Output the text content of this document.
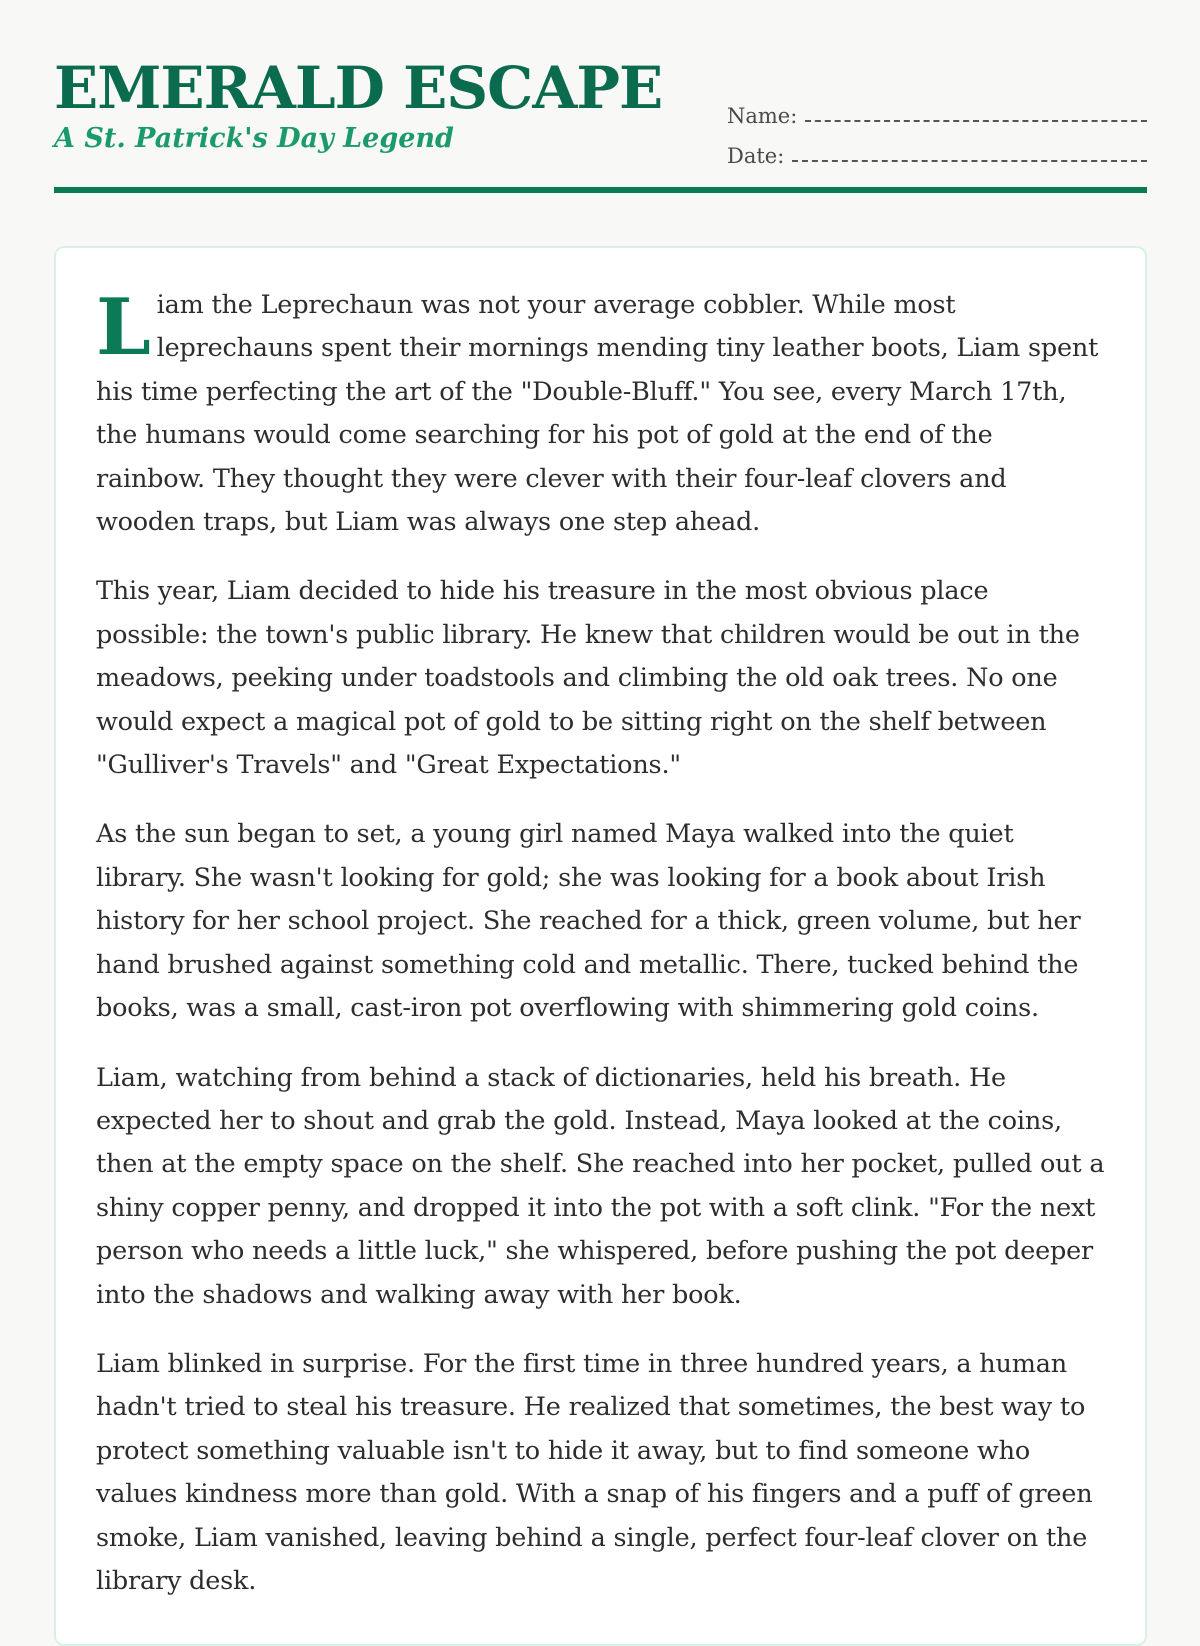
EMERALD ESCAPE
A St. Patrick's Day Legend
Name:
Date:

Liam the Leprechaun was not your average cobbler. While most leprechauns spent their mornings mending tiny leather boots, Liam spent his time perfecting the art of the "Double-Bluff." You see, every March 17th, the humans would come searching for his pot of gold at the end of the rainbow. They thought they were clever with their four-leaf clovers and wooden traps, but Liam was always one step ahead.

This year, Liam decided to hide his treasure in the most obvious place possible: the town's public library. He knew that children would be out in the meadows, peeking under toadstools and climbing the old oak trees. No one would expect a magical pot of gold to be sitting right on the shelf between "Gulliver's Travels" and "Great Expectations."

As the sun began to set, a young girl named Maya walked into the quiet library. She wasn't looking for gold; she was looking for a book about Irish history for her school project. She reached for a thick, green volume, but her hand brushed against something cold and metallic. There, tucked behind the books, was a small, cast-iron pot overflowing with shimmering gold coins.

Liam, watching from behind a stack of dictionaries, held his breath. He expected her to shout and grab the gold. Instead, Maya looked at the coins, then at the empty space on the shelf. She reached into her pocket, pulled out a shiny copper penny, and dropped it into the pot with a soft clink. "For the next person who needs a little luck," she whispered, before pushing the pot deeper into the shadows and walking away with her book.

Liam blinked in surprise. For the first time in three hundred years, a human hadn't tried to steal his treasure. He realized that sometimes, the best way to protect something valuable isn't to hide it away, but to find someone who values kindness more than gold. With a snap of his fingers and a puff of green smoke, Liam vanished, leaving behind a single, perfect four-leaf clover on the library desk.
